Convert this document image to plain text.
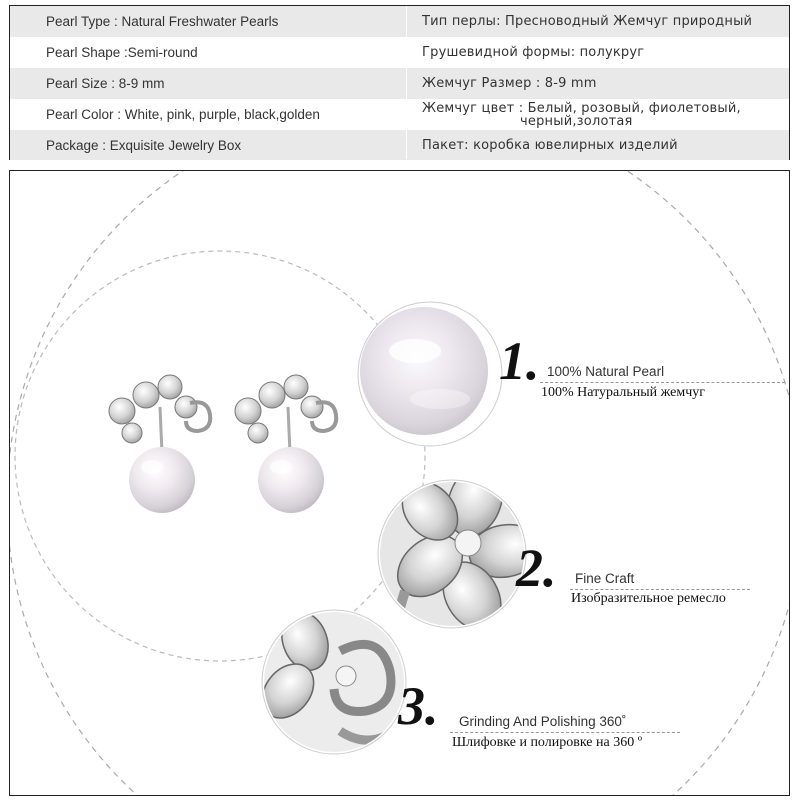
Pearl Type : Natural Freshwater Pearls	Тип перлы: Пресноводный Жемчуг природный
Pearl Shape :Semi-round	Грушевидной формы: полукруг
Pearl Size : 8-9 mm	Жемчуг Размер : 8-9 mm
Pearl Color : White, pink, purple, black,golden	Жемчуг цвет : Белый, розовый, фиолетовый,
черный,золотая
Package : Exquisite Jewelry Box	Пакет: коробка ювелирных изделий
1.
2.
3.
100% Natural Pearl
100% Натуральный жемчуг
Fine Craft
Изобразительное ремесло
Grinding And Polishing 360˚
Шлифовке и полировке на 360 º
